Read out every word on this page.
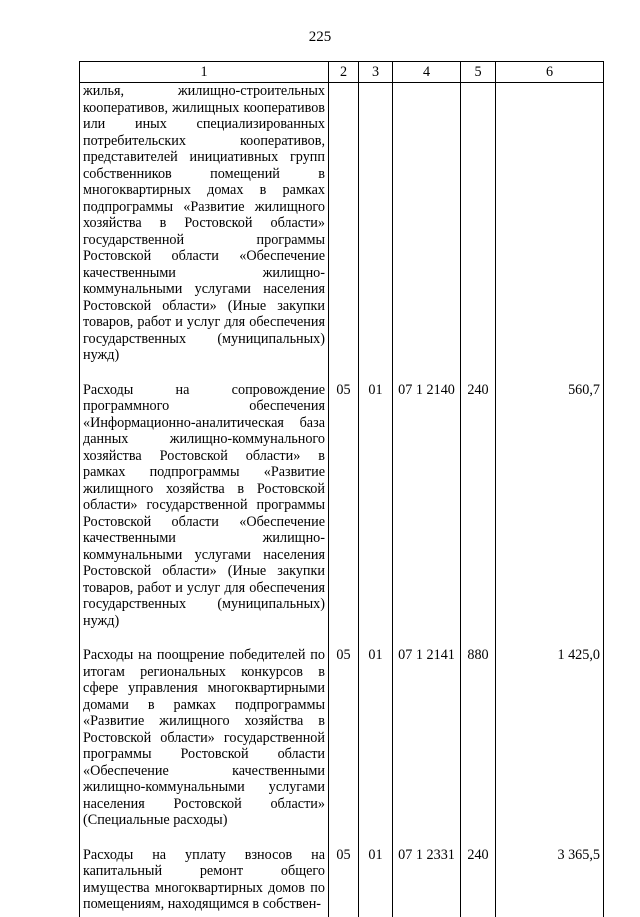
225
1	2	3	4	5	6
жилья, жилищно-строительных кооперативов, жилищных кооперативов или иных специализированных потребительских кооперативов, представителей инициативных групп собственников помещений в многоквартирных домах в рамках подпрограммы «Развитие жилищного хозяйства в Ростовской области» государственной программы Ростовской области «Обеспечение качественными жилищно-коммунальными услугами населения Ростовской области» (Иные закупки товаров, работ и услуг для обеспечения государственных (муниципальных) нужд)					

Расходы на сопровождение программного обеспечения «Информационно-аналитическая база данных жилищно-коммунального хозяйства Ростовской области» в рамках подпрограммы «Развитие жилищного хозяйства в Ростовской области» государственной программы Ростовской области «Обеспечение качественными жилищно-коммунальными услугами населения Ростовской области» (Иные закупки товаров, работ и услуг для обеспечения государственных (муниципальных) нужд)	05	01	07 1 2140	240	560,7

Расходы на поощрение победителей по итогам региональных конкурсов в сфере управления многоквартирными домами в рамках подпрограммы «Развитие жилищного хозяйства в Ростовской области» государственной программы Ростовской области «Обеспечение качественными жилищно-коммунальными услугами населения Ростовской области» (Специальные расходы)	05	01	07 1 2141	880	1 425,0

Расходы на уплату взносов на капитальный ремонт общего имущества многоквартирных домов по помещениям, находящимся в собствен-	05	01	07 1 2331	240	3 365,5
